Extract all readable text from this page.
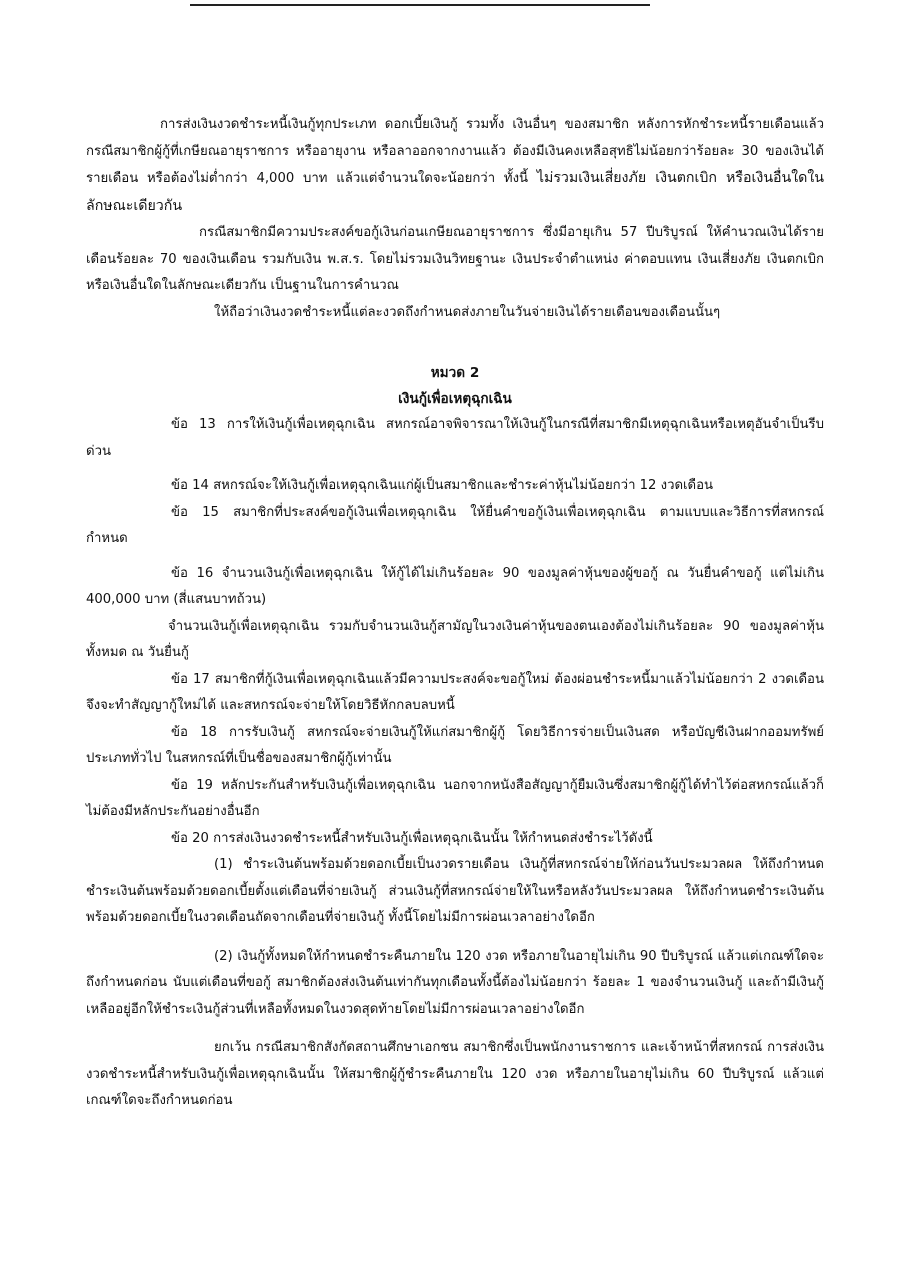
การส่งเงินงวดชำระหนี้เงินกู้ทุกประเภท ดอกเบี้ยเงินกู้ รวมทั้ง เงินอื่นๆ ของสมาชิก หลังการหักชำระหนี้รายเดือนแล้ว กรณีสมาชิกผู้กู้ที่เกษียณอายุราชการ หรืออายุงาน หรือลาออกจากงานแล้ว ต้องมีเงินคงเหลือสุทธิไม่น้อยกว่าร้อยละ 30 ของเงินได้รายเดือน หรือต้องไม่ต่ำกว่า 4,000 บาท แล้วแต่จำนวนใดจะน้อยกว่า ทั้งนี้ ไม่รวมเงินเสี่ยงภัย เงินตกเบิก หรือเงินอื่นใดในลักษณะเดียวกัน

กรณีสมาชิกมีความประสงค์ขอกู้เงินก่อนเกษียณอายุราชการ ซึ่งมีอายุเกิน 57 ปีบริบูรณ์ ให้คำนวณเงินได้รายเดือนร้อยละ 70 ของเงินเดือน รวมกับเงิน พ.ส.ร. โดยไม่รวมเงินวิทยฐานะ เงินประจำตำแหน่ง ค่าตอบแทน เงินเสี่ยงภัย เงินตกเบิก หรือเงินอื่นใดในลักษณะเดียวกัน เป็นฐานในการคำนวณ

ให้ถือว่าเงินงวดชำระหนี้แต่ละงวดถึงกำหนดส่งภายในวันจ่ายเงินได้รายเดือนของเดือนนั้นๆ

หมวด 2

เงินกู้เพื่อเหตุฉุกเฉิน

ข้อ 13 การให้เงินกู้เพื่อเหตุฉุกเฉิน สหกรณ์อาจพิจารณาให้เงินกู้ในกรณีที่สมาชิกมีเหตุฉุกเฉินหรือเหตุอันจำเป็นรีบด่วน

ข้อ 14 สหกรณ์จะให้เงินกู้เพื่อเหตุฉุกเฉินแก่ผู้เป็นสมาชิกและชำระค่าหุ้นไม่น้อยกว่า 12 งวดเดือน

ข้อ 15 สมาชิกที่ประสงค์ขอกู้เงินเพื่อเหตุฉุกเฉิน ให้ยื่นคำขอกู้เงินเพื่อเหตุฉุกเฉิน ตามแบบและวิธีการที่สหกรณ์กำหนด

ข้อ 16 จำนวนเงินกู้เพื่อเหตุฉุกเฉิน ให้กู้ได้ไม่เกินร้อยละ 90 ของมูลค่าหุ้นของผู้ขอกู้ ณ วันยื่นคำขอกู้ แต่ไม่เกิน 400,000 บาท (สี่แสนบาทถ้วน)

จำนวนเงินกู้เพื่อเหตุฉุกเฉิน รวมกับจำนวนเงินกู้สามัญในวงเงินค่าหุ้นของตนเองต้องไม่เกินร้อยละ 90 ของมูลค่าหุ้นทั้งหมด ณ วันยื่นกู้

ข้อ 17 สมาชิกที่กู้เงินเพื่อเหตุฉุกเฉินแล้วมีความประสงค์จะขอกู้ใหม่ ต้องผ่อนชำระหนี้มาแล้วไม่น้อยกว่า 2 งวดเดือน จึงจะทำสัญญากู้ใหม่ได้ และสหกรณ์จะจ่ายให้โดยวิธีหักกลบลบหนี้

ข้อ 18 การรับเงินกู้ สหกรณ์จะจ่ายเงินกู้ให้แก่สมาชิกผู้กู้ โดยวิธีการจ่ายเป็นเงินสด หรือบัญชีเงินฝากออมทรัพย์ประเภททั่วไป ในสหกรณ์ที่เป็นชื่อของสมาชิกผู้กู้เท่านั้น

ข้อ 19 หลักประกันสำหรับเงินกู้เพื่อเหตุฉุกเฉิน นอกจากหนังสือสัญญากู้ยืมเงินซึ่งสมาชิกผู้กู้ได้ทำไว้ต่อสหกรณ์แล้วก็ไม่ต้องมีหลักประกันอย่างอื่นอีก

ข้อ 20 การส่งเงินงวดชำระหนี้สำหรับเงินกู้เพื่อเหตุฉุกเฉินนั้น ให้กำหนดส่งชำระไว้ดังนี้

(1) ชำระเงินต้นพร้อมด้วยดอกเบี้ยเป็นงวดรายเดือน เงินกู้ที่สหกรณ์จ่ายให้ก่อนวันประมวลผล ให้ถึงกำหนดชำระเงินต้นพร้อมด้วยดอกเบี้ยตั้งแต่เดือนที่จ่ายเงินกู้ ส่วนเงินกู้ที่สหกรณ์จ่ายให้ในหรือหลังวันประมวลผล ให้ถึงกำหนดชำระเงินต้นพร้อมด้วยดอกเบี้ยในงวดเดือนถัดจากเดือนที่จ่ายเงินกู้ ทั้งนี้โดยไม่มีการผ่อนเวลาอย่างใดอีก

(2) เงินกู้ทั้งหมดให้กำหนดชำระคืนภายใน 120 งวด หรือภายในอายุไม่เกิน 90 ปีบริบูรณ์ แล้วแต่เกณฑ์ใดจะถึงกำหนดก่อน นับแต่เดือนที่ขอกู้ สมาชิกต้องส่งเงินต้นเท่ากันทุกเดือนทั้งนี้ต้องไม่น้อยกว่า ร้อยละ 1 ของจำนวนเงินกู้ และถ้ามีเงินกู้เหลืออยู่อีกให้ชำระเงินกู้ส่วนที่เหลือทั้งหมดในงวดสุดท้ายโดยไม่มีการผ่อนเวลาอย่างใดอีก

ยกเว้น กรณีสมาชิกสังกัดสถานศึกษาเอกชน สมาชิกซึ่งเป็นพนักงานราชการ และเจ้าหน้าที่สหกรณ์ การส่งเงินงวดชำระหนี้สำหรับเงินกู้เพื่อเหตุฉุกเฉินนั้น ให้สมาชิกผู้กู้ชำระคืนภายใน 120 งวด หรือภายในอายุไม่เกิน 60 ปีบริบูรณ์ แล้วแต่เกณฑ์ใดจะถึงกำหนดก่อน
